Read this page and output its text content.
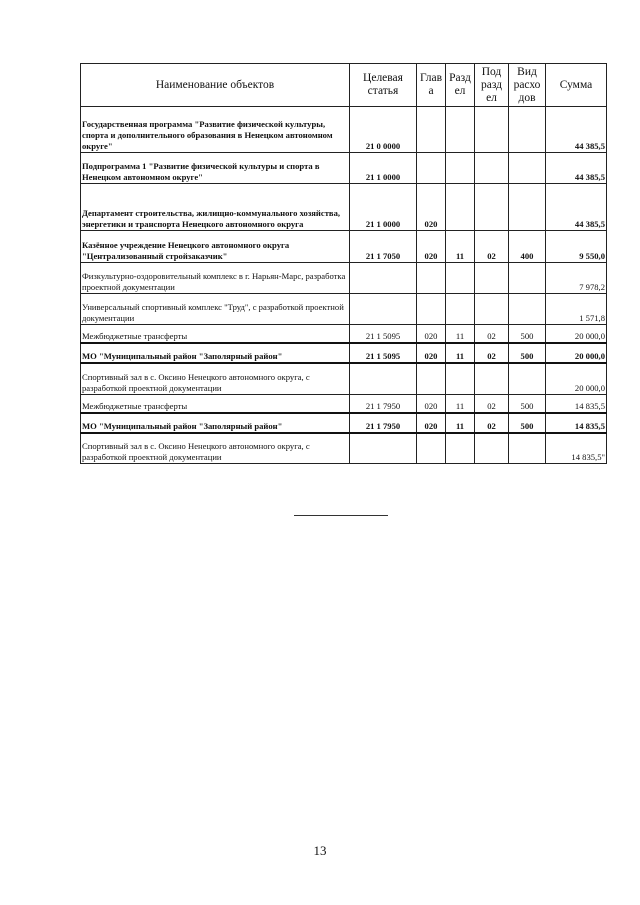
Наименование объектов	Целевая статья	Глав а	Разд ел	Под разд ел	Вид расхо дов	Сумма
Государственная программа "Развитие физической культуры, спорта и дополнительного образования в Ненецком автономном округе"	21 0 0000					44 385,5
Подпрограмма 1 "Развитие физической культуры и спорта в Ненецком автономном округе"	21 1 0000					44 385,5
Департамент строительства, жилищно-коммунального хозяйства, энергетики и транспорта Ненецкого автономного округа	21 1 0000	020				44 385,5
Казённое учреждение Ненецкого автономного округа "Централизованный стройзаказчик"	21 1 7050	020	11	02	400	9 550,0
Физкультурно-оздоровительный комплекс в г. Нарьян-Марс, разработка проектной документации						7 978,2
Универсальный спортивный комплекс "Труд", с разработкой проектной документации						1 571,8
Межбюджетные трансферты	21 1 5095	020	11	02	500	20 000,0
МО "Муниципальный район "Заполярный район"	21 1 5095	020	11	02	500	20 000,0
Спортивный зал в с. Оксино Ненецкого автономного округа, с разработкой проектной документации						20 000,0
Межбюджетные трансферты	21 1 7950	020	11	02	500	14 835,5
МО "Муниципальный район "Заполярный район"	21 1 7950	020	11	02	500	14 835,5
Спортивный зал в с. Оксино Ненецкого автономного округа, с разработкой проектной документации						14 835,5"
13
